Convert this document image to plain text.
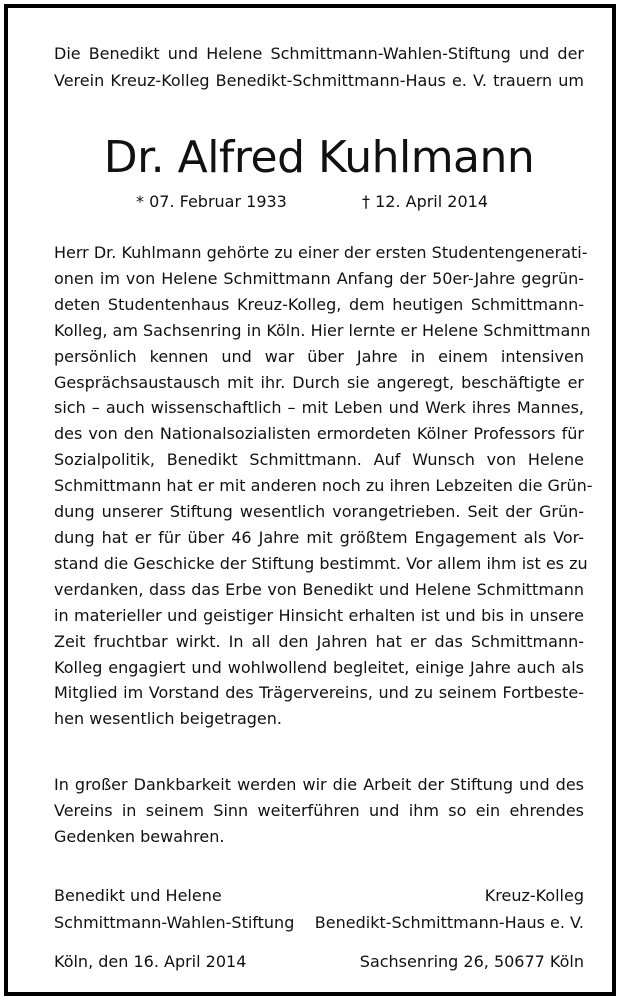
Die Benedikt und Helene Schmittmann-Wahlen-Stiftung und der
Verein Kreuz-Kolleg Benedikt-Schmittmann-Haus e. V. trauern um

Dr. Alfred Kuhlmann
* 07. Februar 1933	† 12. April 2014

Herr Dr. Kuhlmann gehörte zu einer der ersten Studentengenerati-
onen im von Helene Schmittmann Anfang der 50er-Jahre gegrün-
deten Studentenhaus Kreuz-Kolleg, dem heutigen Schmittmann-
Kolleg, am Sachsenring in Köln. Hier lernte er Helene Schmittmann
persönlich kennen und war über Jahre in einem intensiven
Gesprächsaustausch mit ihr. Durch sie angeregt, beschäftigte er
sich – auch wissenschaftlich – mit Leben und Werk ihres Mannes,
des von den Nationalsozialisten ermordeten Kölner Professors für
Sozialpolitik, Benedikt Schmittmann. Auf Wunsch von Helene
Schmittmann hat er mit anderen noch zu ihren Lebzeiten die Grün-
dung unserer Stiftung wesentlich vorangetrieben. Seit der Grün-
dung hat er für über 46 Jahre mit größtem Engagement als Vor-
stand die Geschicke der Stiftung bestimmt. Vor allem ihm ist es zu
verdanken, dass das Erbe von Benedikt und Helene Schmittmann
in materieller und geistiger Hinsicht erhalten ist und bis in unsere
Zeit fruchtbar wirkt. In all den Jahren hat er das Schmittmann-
Kolleg engagiert und wohlwollend begleitet, einige Jahre auch als
Mitglied im Vorstand des Trägervereins, und zu seinem Fortbeste-
hen wesentlich beigetragen.

In großer Dankbarkeit werden wir die Arbeit der Stiftung und des
Vereins in seinem Sinn weiterführen und ihm so ein ehrendes
Gedenken bewahren.

Benedikt und Helene
Schmittmann-Wahlen-Stiftung
Kreuz-Kolleg
Benedikt-Schmittmann-Haus e. V.
Köln, den 16. April 2014	Sachsenring 26, 50677 Köln
